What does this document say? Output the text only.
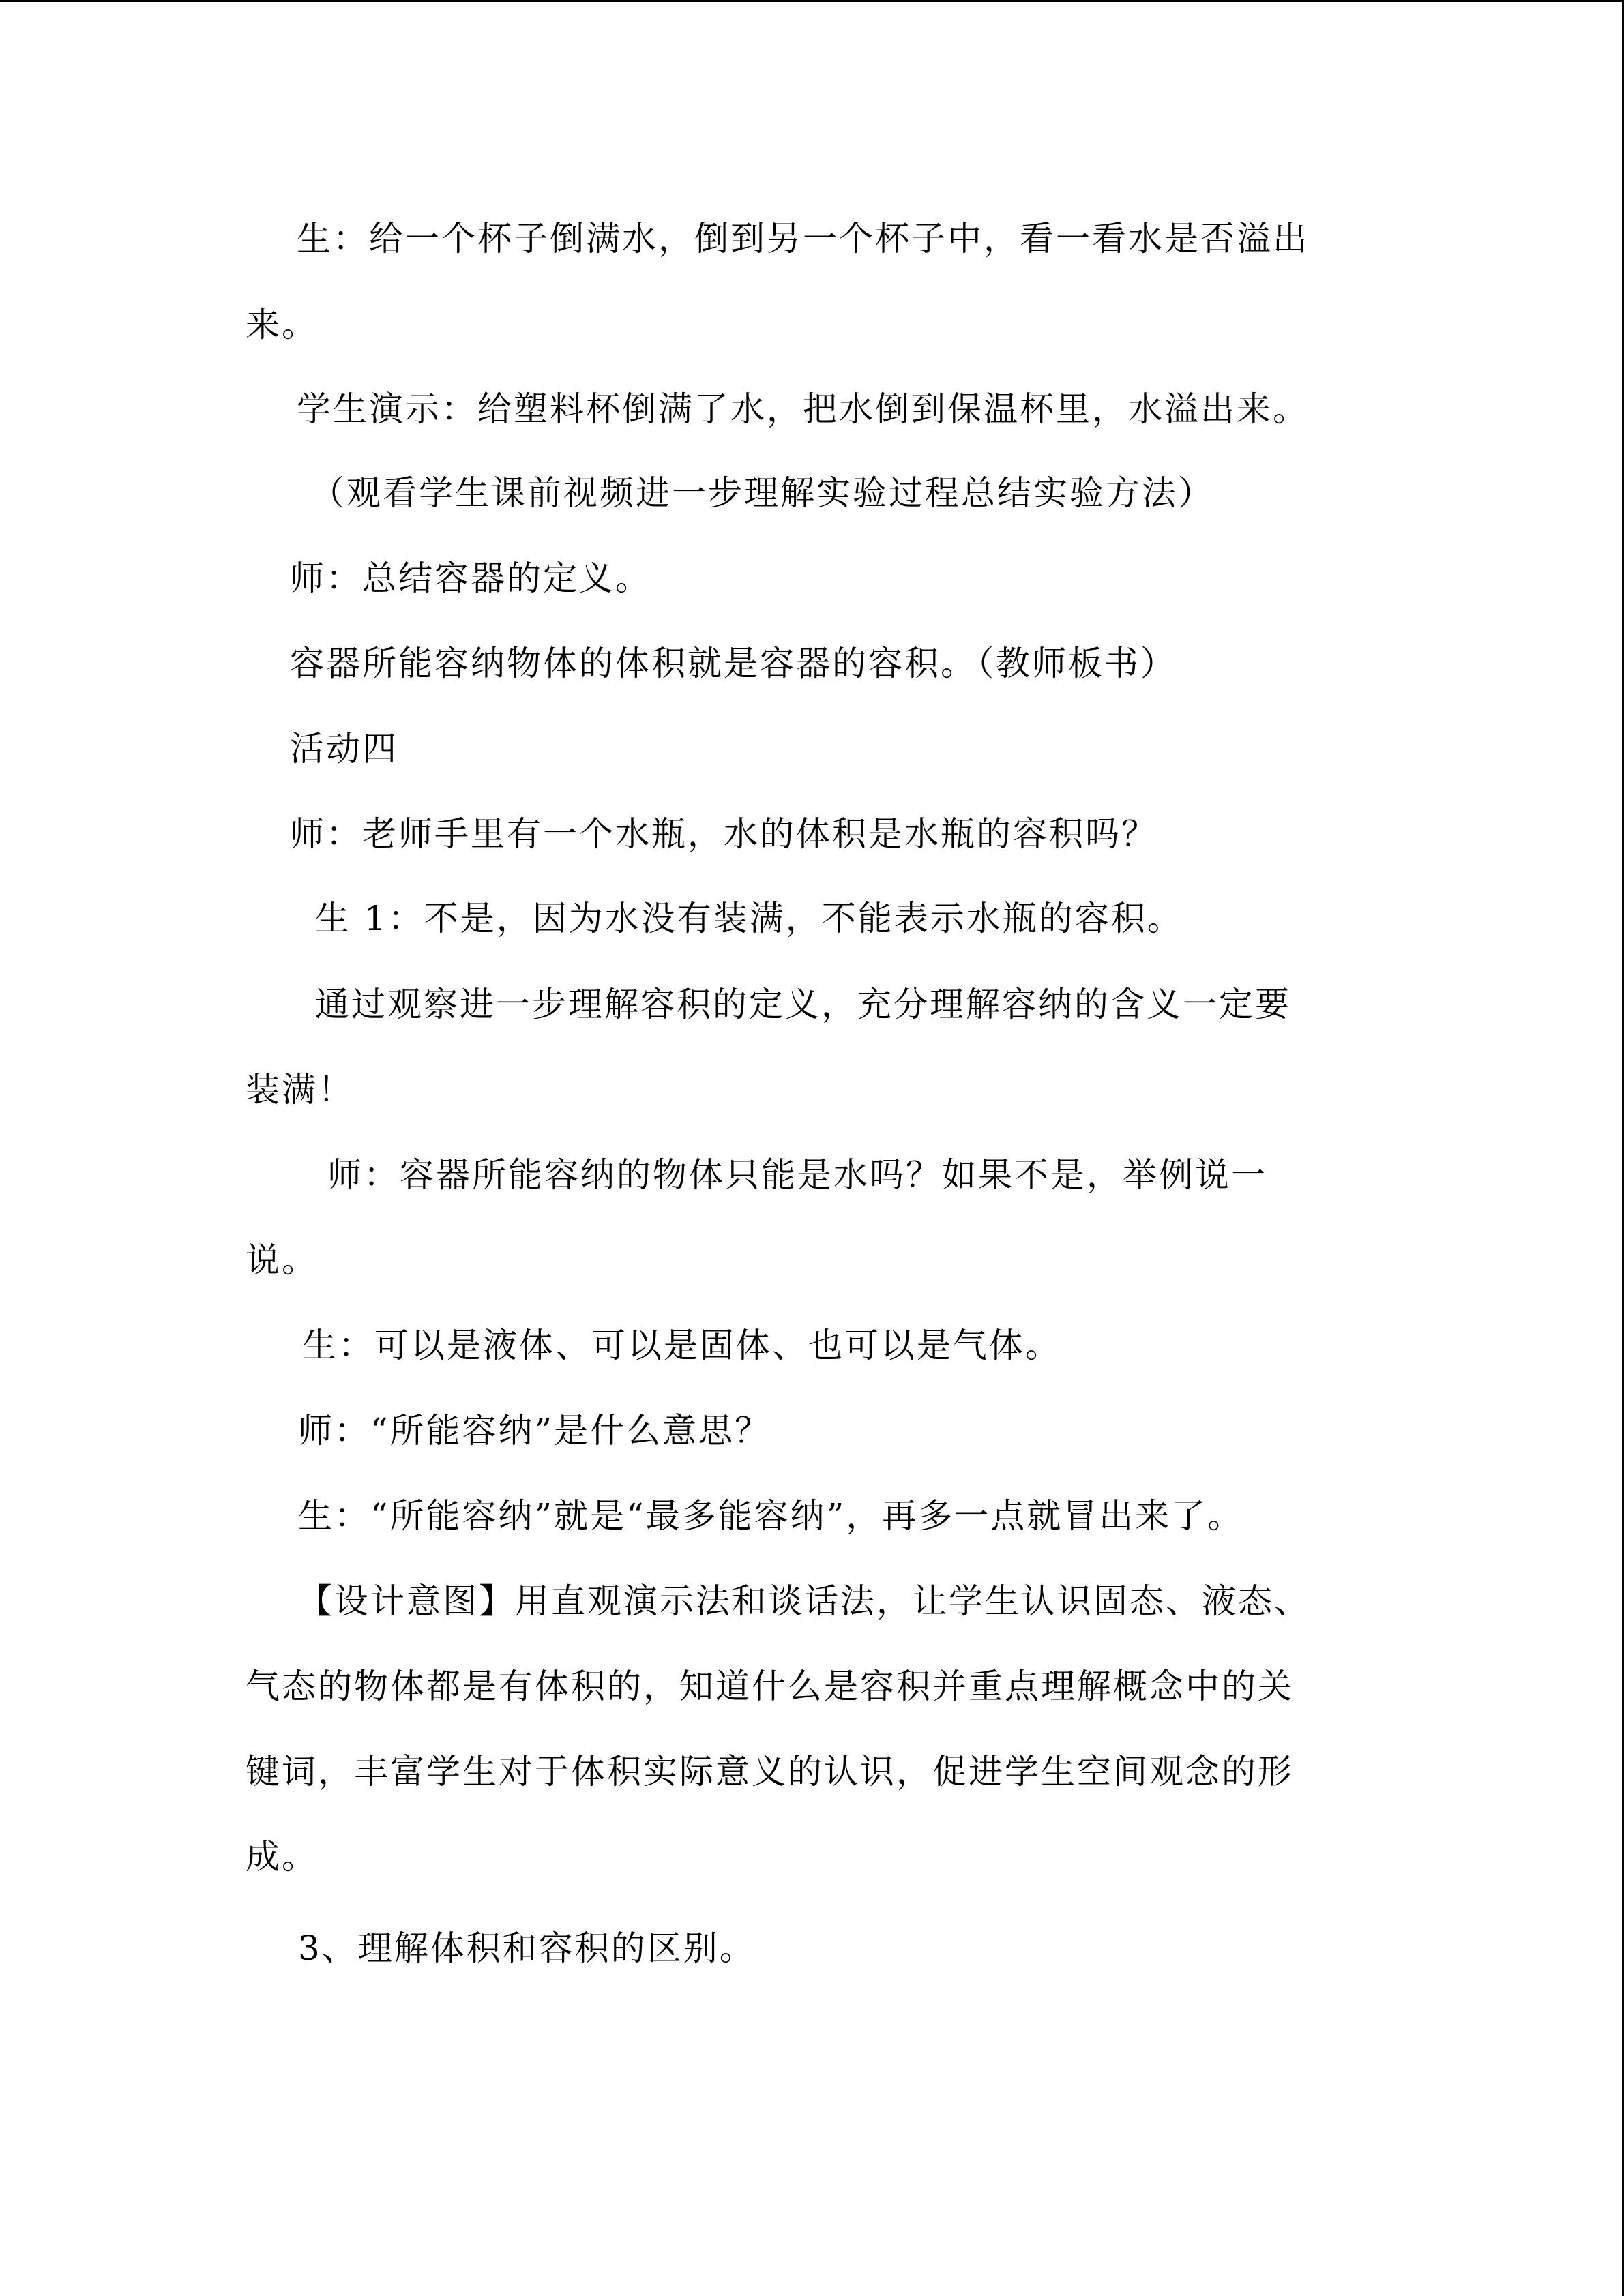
生：给一个杯子倒满水，倒到另一个杯子中，看一看水是否溢出
来。
学生演示：给塑料杯倒满了水，把水倒到保温杯里，水溢出来。
（观看学生课前视频进一步理解实验过程总结实验方法）
师：总结容器的定义。
容器所能容纳物体的体积就是容器的容积。（教师板书）
活动四
师：老师手里有一个水瓶，水的体积是水瓶的容积吗？
生 1：不是，因为水没有装满，不能表示水瓶的容积。
通过观察进一步理解容积的定义，充分理解容纳的含义一定要
装满！
师：容器所能容纳的物体只能是水吗？如果不是，举例说一
说。
生：可以是液体、可以是固体、也可以是气体。
师：“所能容纳”是什么意思？
生：“所能容纳”就是“最多能容纳”，再多一点就冒出来了。
【设计意图】用直观演示法和谈话法，让学生认识固态、液态、
气态的物体都是有体积的，知道什么是容积并重点理解概念中的关
键词，丰富学生对于体积实际意义的认识，促进学生空间观念的形
成。
3、理解体积和容积的区别。
